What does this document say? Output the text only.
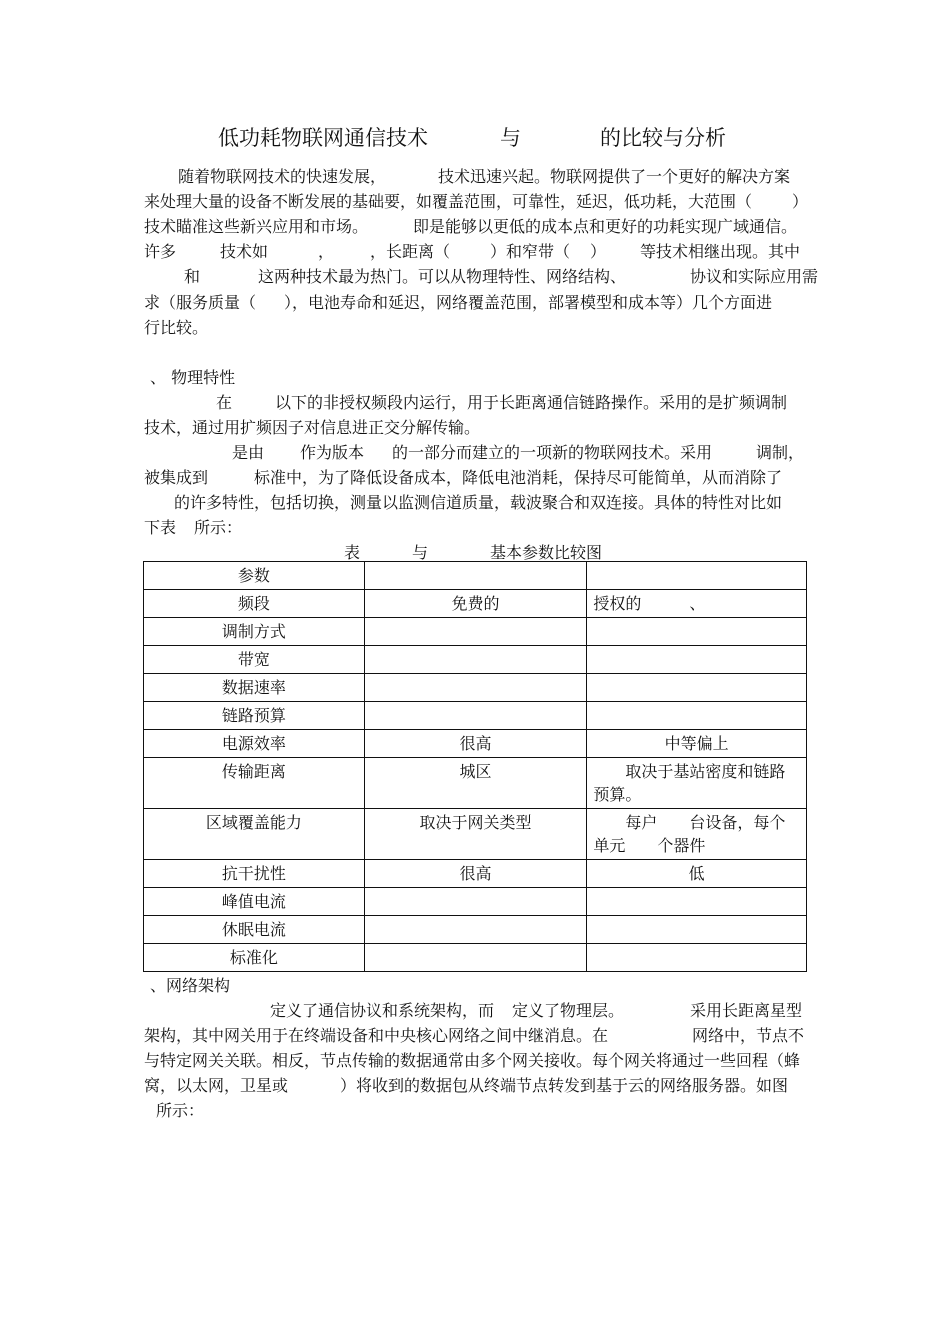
低功耗物联网通信技术	与	的比较与分析
随着物联网技术的快速发展，	技术迅速兴起。物联网提供了一个更好的解决方案
来处理大量的设备不断发展的基础要，如覆盖范围，可靠性，延迟，低功耗，大范围（ ）
技术瞄准这些新兴应用和市场。	即是能够以更低的成本点和更好的功耗实现广域通信。
许多	技术如	， ，长距离（ ）和窄带（ ） 等技术相继出现。其中
和	这两种技术最为热门。可以从物理特性、网络结构、	协议和实际应用需
求（服务质量（ ），电池寿命和延迟，网络覆盖范围，部署模型和成本等）几个方面进
行比较。
、 物理特性
在	以下的非授权频段内运行，用于长距离通信链路操作。采用的是扩频调制
技术，通过用扩频因子对信息进正交分解传输。
是由 作为版本 的一部分而建立的一项新的物联网技术。采用	调制，
被集成到	标准中，为了降低设备成本，降低电池消耗，保持尽可能简单，从而消除了
的许多特性，包括切换，测量以监测信道质量，载波聚合和双连接。具体的特性对比如
下表 所示：
表	与	基本参数比较图
参数		
频段	免费的	授权的　　　、
调制方式		
带宽		
数据速率		
链路预算		
电源效率	很高	中等偏上
传输距离	城区	　　取决于基站密度和链路预算。
区域覆盖能力	取决于网关类型	　　每户　　台设备，每个单元　　个器件
抗干扰性	很高	低
峰值电流		
休眠电流		
标准化		
、网络架构
定义了通信协议和系统架构，而 定义了物理层。	采用长距离星型
架构，其中网关用于在终端设备和中央核心网络之间中继消息。在	网络中，节点不
与特定网关关联。相反，节点传输的数据通常由多个网关接收。每个网关将通过一些回程（蜂
窝，以太网，卫星或	）将收到的数据包从终端节点转发到基于云的网络服务器。如图
所示：
